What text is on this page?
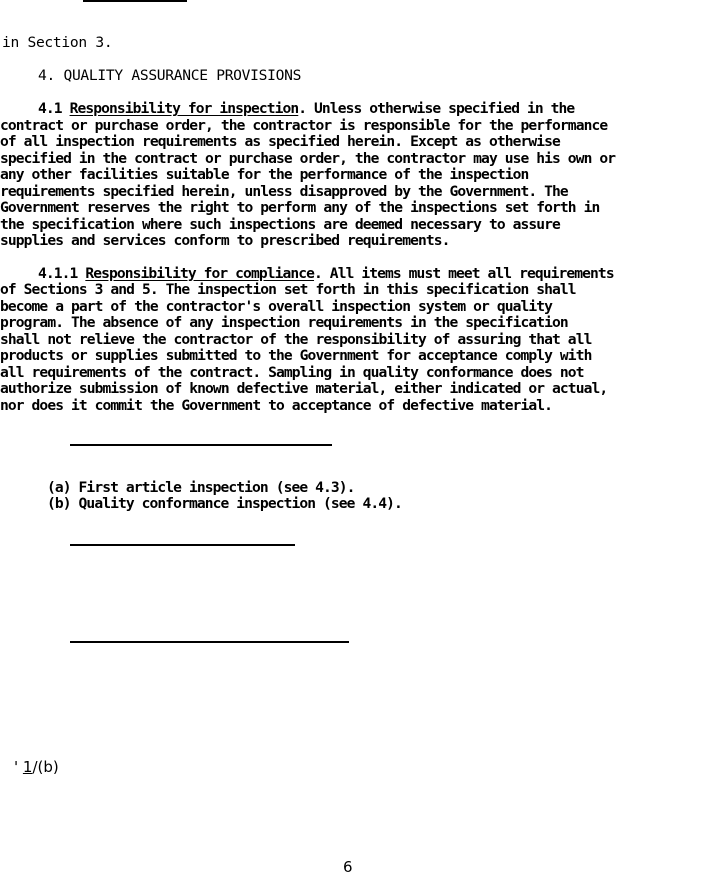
in Section 3.
4. QUALITY ASSURANCE PROVISIONS
4.1 Responsibility for inspection. Unless otherwise specified in the
contract or purchase order, the contractor is responsible for the performance
of all inspection requirements as specified herein. Except as otherwise
specified in the contract or purchase order, the contractor may use his own or
any other facilities suitable for the performance of the inspection
requirements specified herein, unless disapproved by the Government. The
Government reserves the right to perform any of the inspections set forth in
the specification where such inspections are deemed necessary to assure
supplies and services conform to prescribed requirements.
4.1.1 Responsibility for compliance. All items must meet all requirements
of Sections 3 and 5. The inspection set forth in this specification shall
become a part of the contractor's overall inspection system or quality
program. The absence of any inspection requirements in the specification
shall not relieve the contractor of the responsibility of assuring that all
products or supplies submitted to the Government for acceptance comply with
all requirements of the contract. Sampling in quality conformance does not
authorize submission of known defective material, either indicated or actual,
nor does it commit the Government to acceptance of defective material.
(a) First article inspection (see 4.3).
(b) Quality conformance inspection (see 4.4).
' 1/(b)
6
